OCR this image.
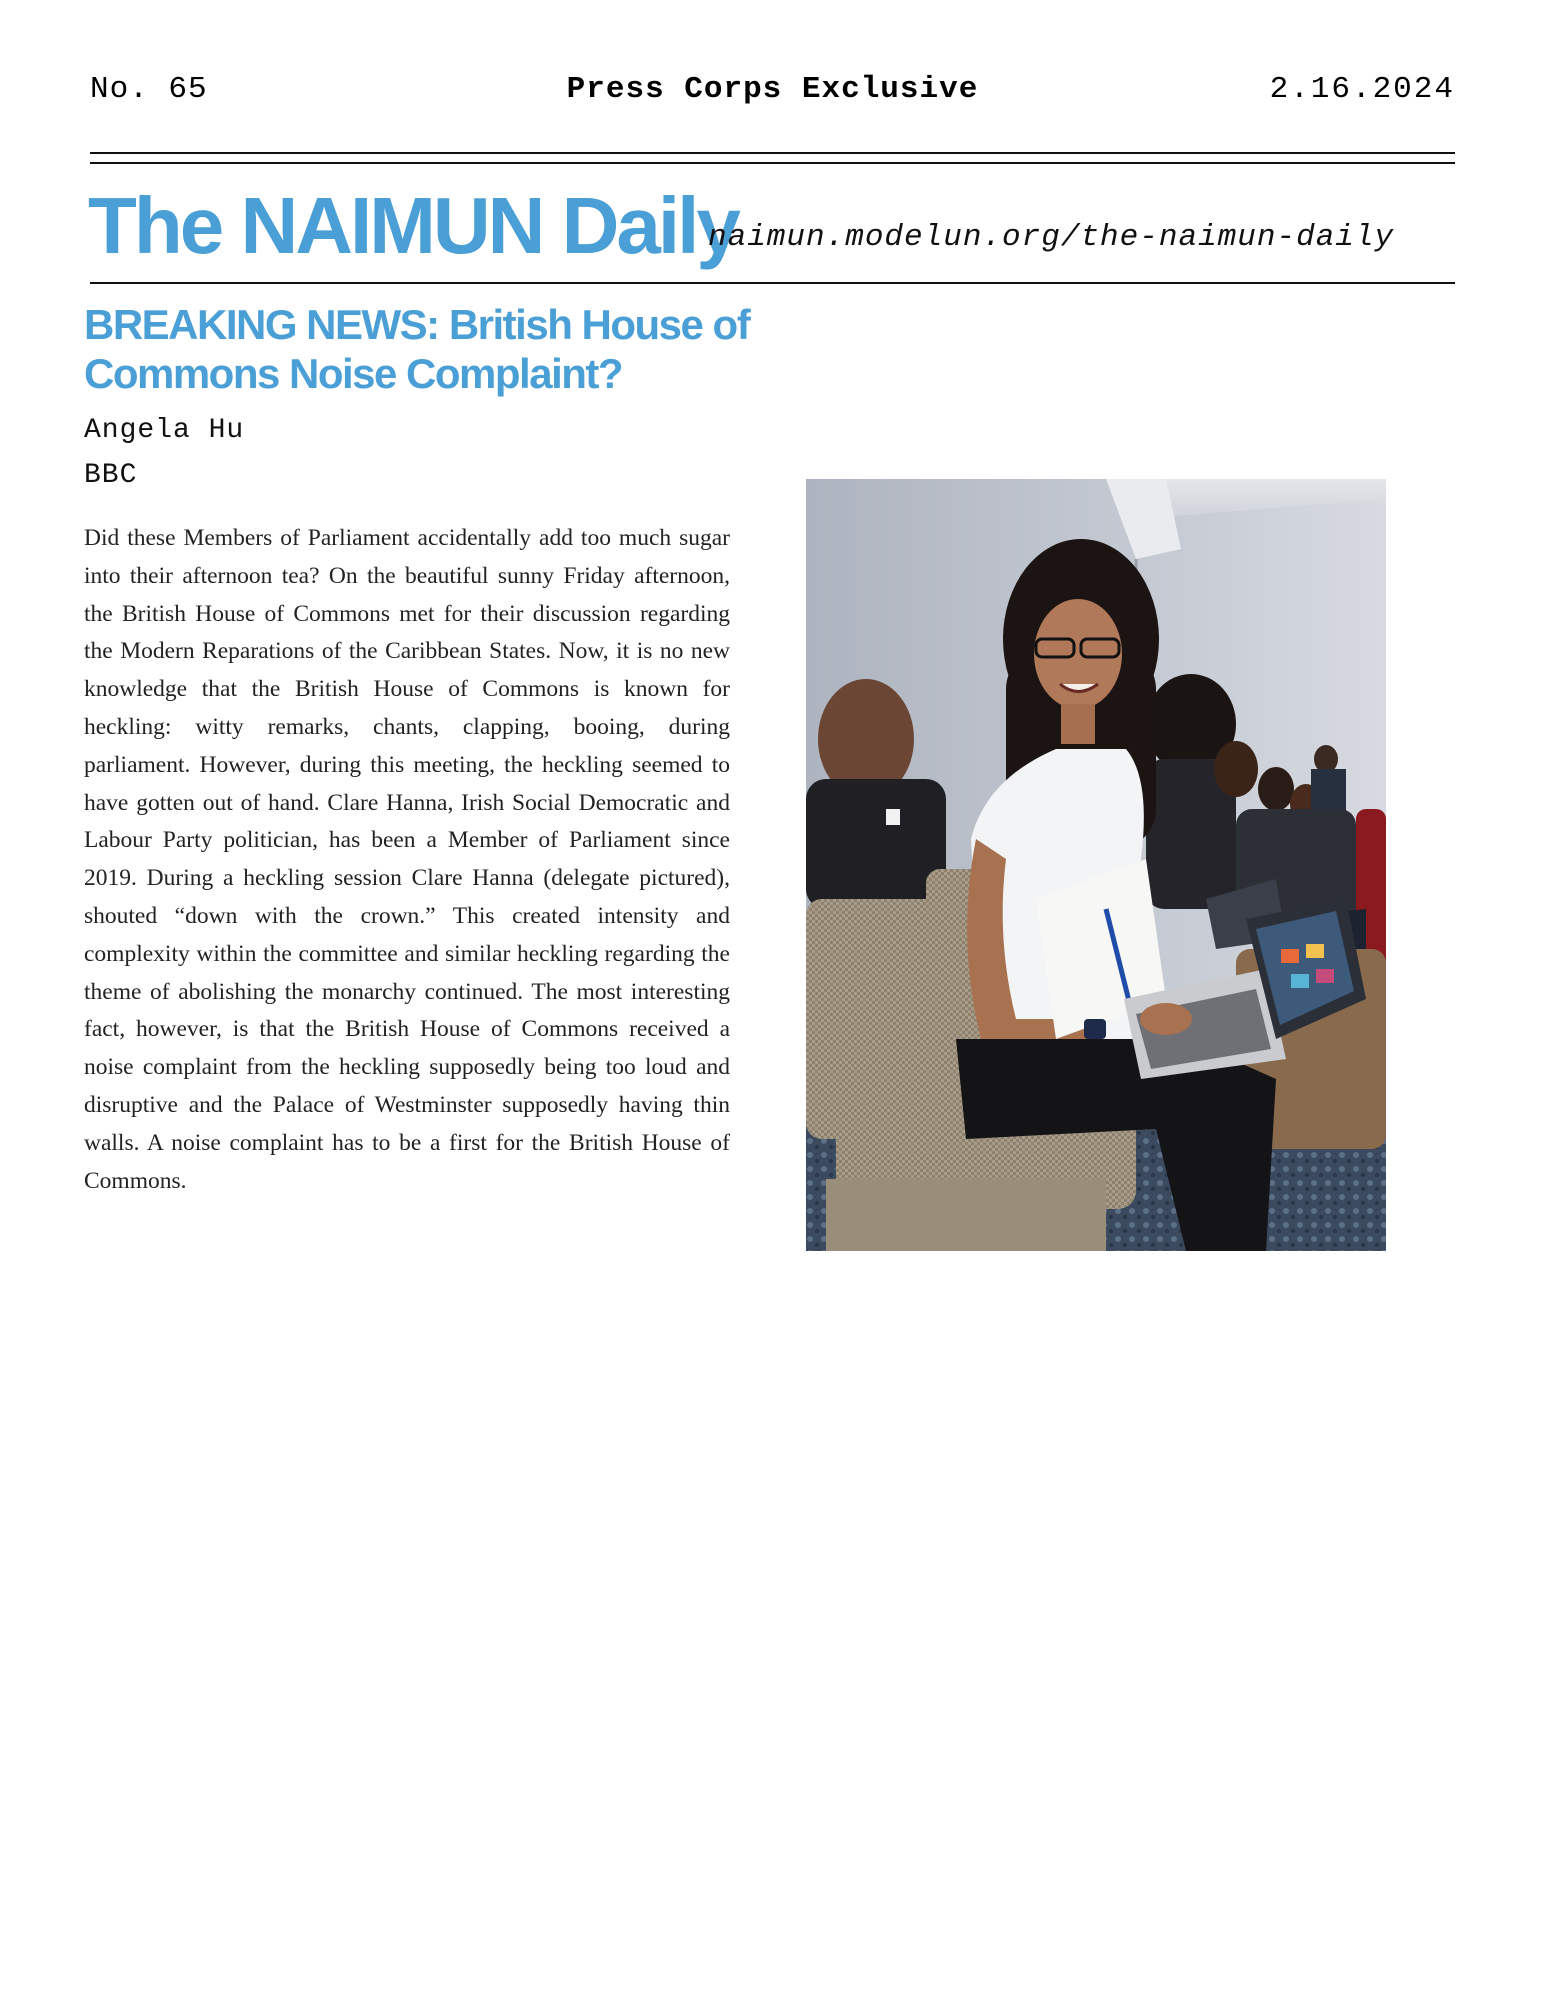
No. 65	Press Corps Exclusive	2.16.2024
The NAIMUN Daily
naimun.modelun.org/the-naimun-daily
BREAKING NEWS: British House of Commons Noise Complaint?
Angela Hu
BBC

Did these Members of Parliament accidentally add too much sugar into their afternoon tea? On the beautiful sunny Friday afternoon, the British House of Commons met for their discussion regarding the Modern Reparations of the Caribbean States. Now, it is no new knowledge that the British House of Commons is known for heckling: witty remarks, chants, clapping, booing, during parliament. However, during this meeting, the heckling seemed to have gotten out of hand. Clare Hanna, Irish Social Democratic and Labour Party politician, has been a Member of Parliament since 2019. During a heckling session Clare Hanna (delegate pictured), shouted “down with the crown.” This created intensity and complexity within the committee and similar heckling regarding the theme of abolishing the monarchy continued. The most interesting fact, however, is that the British House of Commons received a noise complaint from the heckling supposedly being too loud and disruptive and the Palace of Westminster supposedly having thin walls. A noise complaint has to be a first for the British House of Commons.
